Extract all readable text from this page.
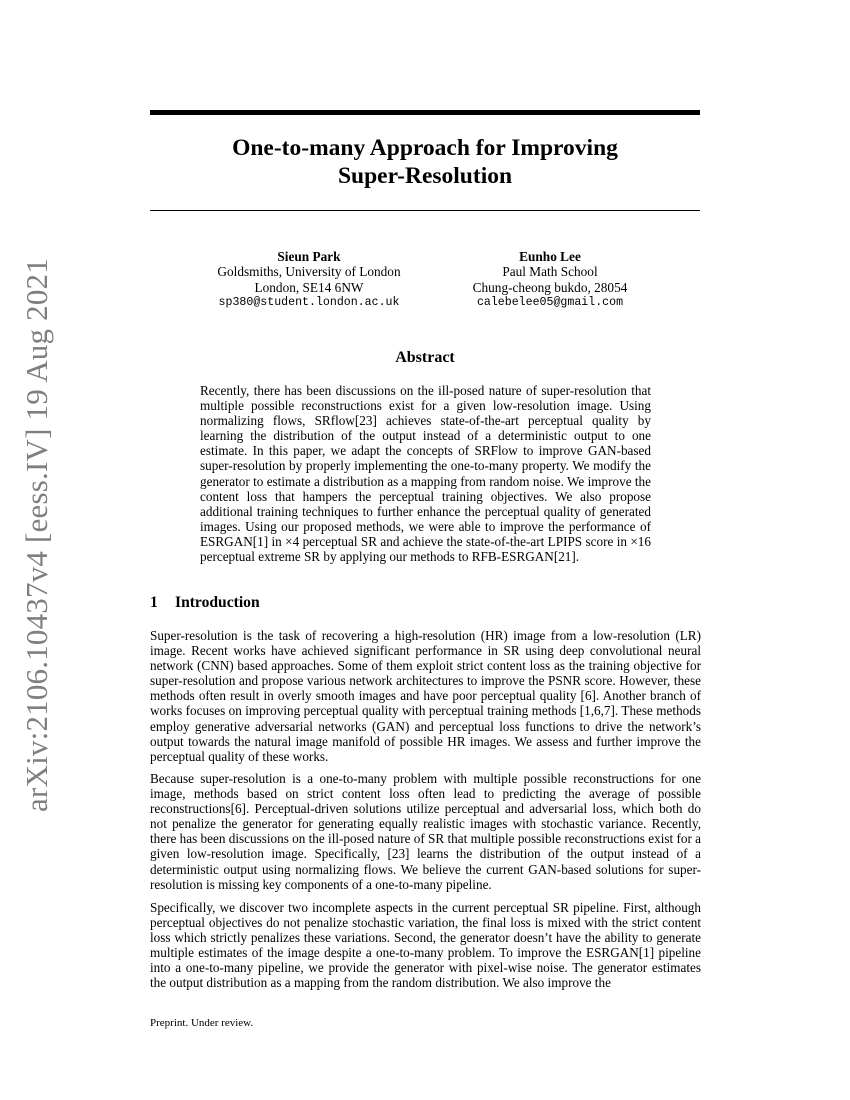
arXiv:2106.10437v4 [eess.IV] 19 Aug 2021
One-to-many Approach for Improving
Super-Resolution
Sieun Park
Goldsmiths, University of London
London, SE14 6NW
sp380@student.london.ac.uk
Eunho Lee
Paul Math School
Chung-cheong bukdo, 28054
calebelee05@gmail.com
Abstract
Recently, there has been discussions on the ill-posed nature of super-resolution that multiple possible reconstructions exist for a given low-resolution image. Using normalizing flows, SRflow[23] achieves state-of-the-art perceptual quality by learning the distribution of the output instead of a deterministic output to one estimate. In this paper, we adapt the concepts of SRFlow to improve GAN-based super-resolution by properly implementing the one-to-many property. We modify the generator to estimate a distribution as a mapping from random noise. We improve the content loss that hampers the perceptual training objectives. We also propose additional training techniques to further enhance the perceptual quality of generated images. Using our proposed methods, we were able to improve the performance of ESRGAN[1] in ×4 perceptual SR and achieve the state-of-the-art LPIPS score in ×16 perceptual extreme SR by applying our methods to RFB-ESRGAN[21].
1 Introduction

Super-resolution is the task of recovering a high-resolution (HR) image from a low-resolution (LR) image. Recent works have achieved significant performance in SR using deep convolutional neural network (CNN) based approaches. Some of them exploit strict content loss as the training objective for super-resolution and propose various network architectures to improve the PSNR score. However, these methods often result in overly smooth images and have poor perceptual quality [6]. Another branch of works focuses on improving perceptual quality with perceptual training methods [1,6,7]. These methods employ generative adversarial networks (GAN) and perceptual loss functions to drive the network’s output towards the natural image manifold of possible HR images. We assess and further improve the perceptual quality of these works.

Because super-resolution is a one-to-many problem with multiple possible reconstructions for one image, methods based on strict content loss often lead to predicting the average of possible reconstructions[6]. Perceptual-driven solutions utilize perceptual and adversarial loss, which both do not penalize the generator for generating equally realistic images with stochastic variance. Recently, there has been discussions on the ill-posed nature of SR that multiple possible reconstructions exist for a given low-resolution image. Specifically, [23] learns the distribution of the output instead of a deterministic output using normalizing flows. We believe the current GAN-based solutions for super-resolution is missing key components of a one-to-many pipeline.

Specifically, we discover two incomplete aspects in the current perceptual SR pipeline. First, although perceptual objectives do not penalize stochastic variation, the final loss is mixed with the strict content loss which strictly penalizes these variations. Second, the generator doesn’t have the ability to generate multiple estimates of the image despite a one-to-many problem. To improve the ESRGAN[1] pipeline into a one-to-many pipeline, we provide the generator with pixel-wise noise. The generator estimates the output distribution as a mapping from the random distribution. We also improve the

Preprint. Under review.
